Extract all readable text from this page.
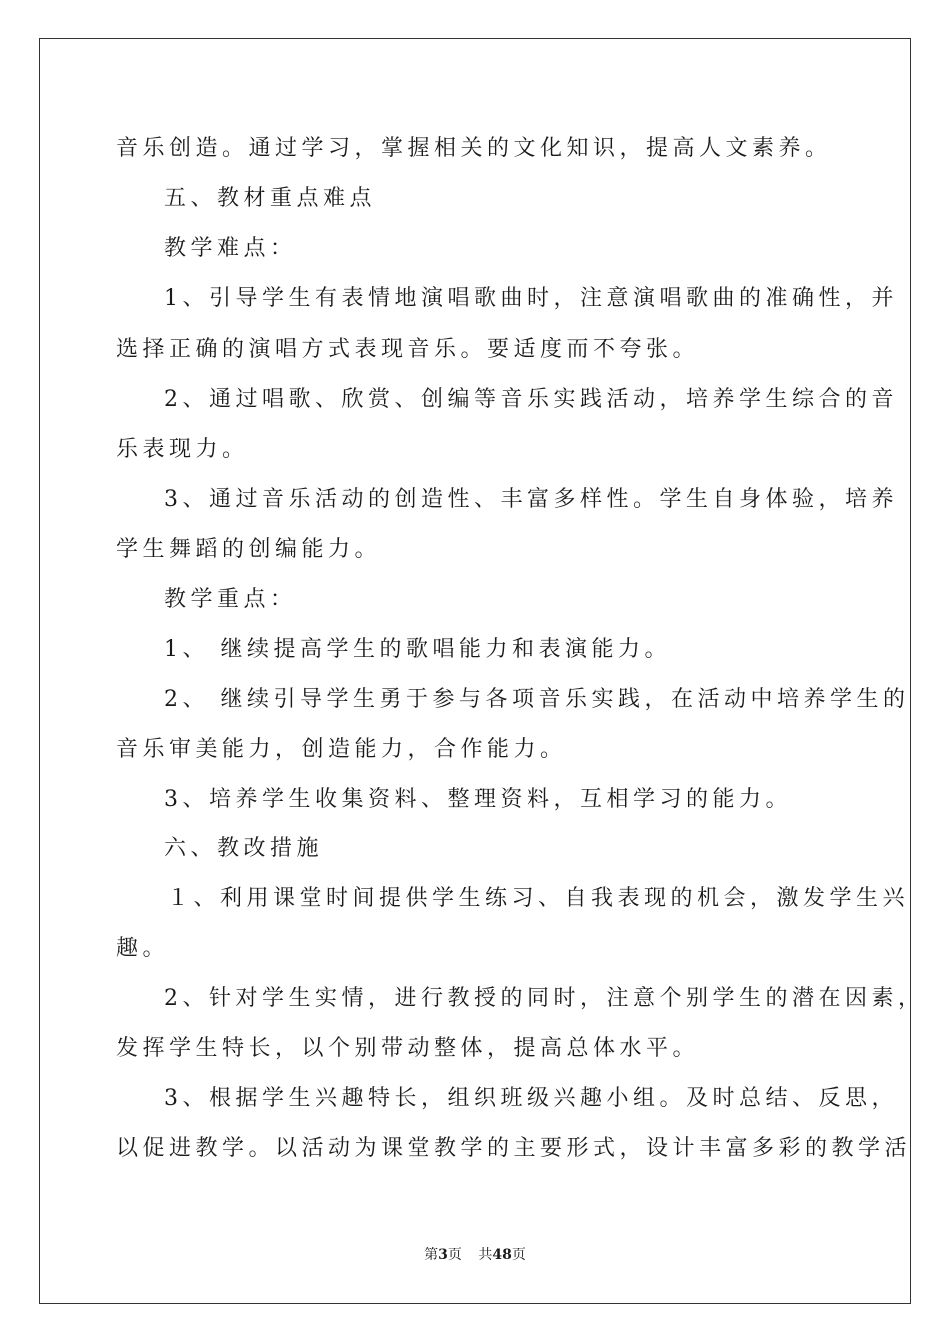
音乐创造。通过学习，掌握相关的文化知识，提高人文素养。
五、教材重点难点
教学难点：
1、引导学生有表情地演唱歌曲时，注意演唱歌曲的准确性，并
选择正确的演唱方式表现音乐。要适度而不夸张。
2、通过唱歌、欣赏、创编等音乐实践活动，培养学生综合的音
乐表现力。
3、通过音乐活动的创造性、丰富多样性。学生自身体验，培养
学生舞蹈的创编能力。
教学重点：
1、 继续提高学生的歌唱能力和表演能力。
2、 继续引导学生勇于参与各项音乐实践，在活动中培养学生的
音乐审美能力，创造能力，合作能力。
3、培养学生收集资料、整理资料，互相学习的能力。
六、教改措施
１、利用课堂时间提供学生练习、自我表现的机会，激发学生兴
趣。
2、针对学生实情，进行教授的同时，注意个别学生的潜在因素，
发挥学生特长，以个别带动整体，提高总体水平。
3、根据学生兴趣特长，组织班级兴趣小组。及时总结、反思，
以促进教学。以活动为课堂教学的主要形式，设计丰富多彩的教学活
第3页 共48页
